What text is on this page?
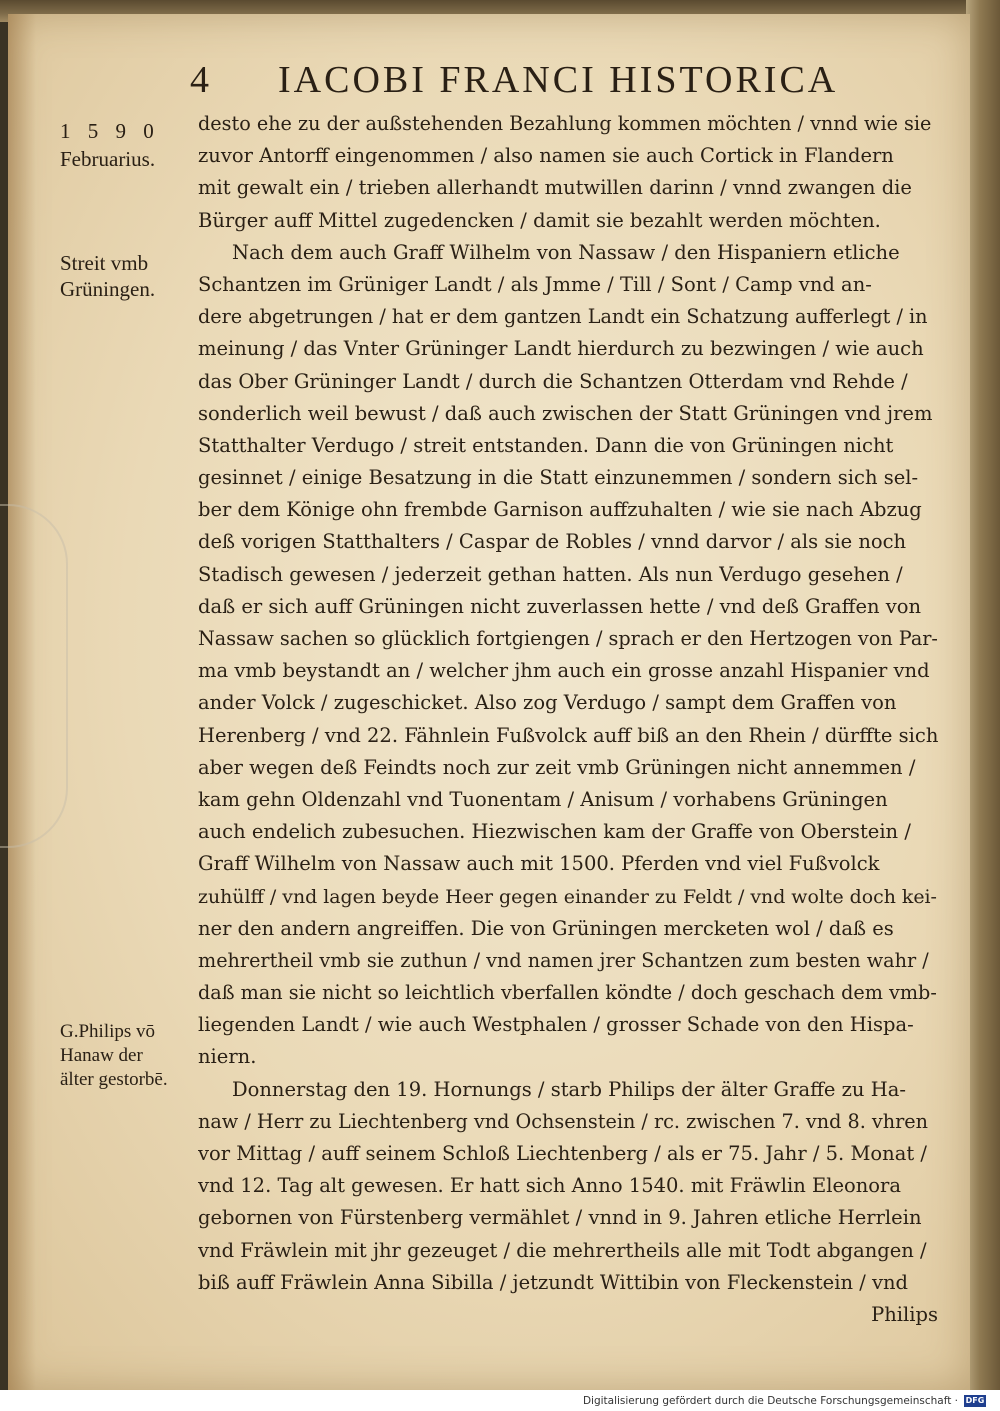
4 IACOBI FRANCI HISTORICA
1 5 9 0
Februarius.
Streit vmb
Grüningen.
G.Philips vō
Hanaw der
älter gestorbē.
desto ehe zu der außstehenden Bezahlung kommen möchten / vnnd wie sie
zuvor Antorff eingenommen / also namen sie auch Cortick in Flandern
mit gewalt ein / trieben allerhandt mutwillen darinn / vnnd zwangen die
Bürger auff Mittel zugedencken / damit sie bezahlt werden möchten.
Nach dem auch Graff Wilhelm von Nassaw / den Hispaniern etliche
Schantzen im Grüniger Landt / als Jmme / Till / Sont / Camp vnd an-
dere abgetrungen / hat er dem gantzen Landt ein Schatzung aufferlegt / in
meinung / das Vnter Grüninger Landt hierdurch zu bezwingen / wie auch
das Ober Grüninger Landt / durch die Schantzen Otterdam vnd Rehde /
sonderlich weil bewust / daß auch zwischen der Statt Grüningen vnd jrem
Statthalter Verdugo / streit entstanden. Dann die von Grüningen nicht
gesinnet / einige Besatzung in die Statt einzunemmen / sondern sich sel-
ber dem Könige ohn frembde Garnison auffzuhalten / wie sie nach Abzug
deß vorigen Statthalters / Caspar de Robles / vnnd darvor / als sie noch
Stadisch gewesen / jederzeit gethan hatten. Als nun Verdugo gesehen /
daß er sich auff Grüningen nicht zuverlassen hette / vnd deß Graffen von
Nassaw sachen so glücklich fortgiengen / sprach er den Hertzogen von Par-
ma vmb beystandt an / welcher jhm auch ein grosse anzahl Hispanier vnd
ander Volck / zugeschicket. Also zog Verdugo / sampt dem Graffen von
Herenberg / vnd 22. Fähnlein Fußvolck auff biß an den Rhein / dürffte sich
aber wegen deß Feindts noch zur zeit vmb Grüningen nicht annemmen /
kam gehn Oldenzahl vnd Tuonentam / Anisum / vorhabens Grüningen
auch endelich zubesuchen. Hiezwischen kam der Graffe von Oberstein /
Graff Wilhelm von Nassaw auch mit 1500. Pferden vnd viel Fußvolck
zuhülff / vnd lagen beyde Heer gegen einander zu Feldt / vnd wolte doch kei-
ner den andern angreiffen. Die von Grüningen mercketen wol / daß es
mehrertheil vmb sie zuthun / vnd namen jrer Schantzen zum besten wahr /
daß man sie nicht so leichtlich vberfallen köndte / doch geschach dem vmb-
liegenden Landt / wie auch Westphalen / grosser Schade von den Hispa-
niern.
Donnerstag den 19. Hornungs / starb Philips der älter Graffe zu Ha-
naw / Herr zu Liechtenberg vnd Ochsenstein / rc. zwischen 7. vnd 8. vhren
vor Mittag / auff seinem Schloß Liechtenberg / als er 75. Jahr / 5. Monat /
vnd 12. Tag alt gewesen. Er hatt sich Anno 1540. mit Fräwlin Eleonora
gebornen von Fürstenberg vermählet / vnnd in 9. Jahren etliche Herrlein
vnd Fräwlein mit jhr gezeuget / die mehrertheils alle mit Todt abgangen /
biß auff Fräwlein Anna Sibilla / jetzundt Wittibin von Fleckenstein / vnd
Philips
Digitalisierung gefördert durch die Deutsche Forschungsgemeinschaft · DFG
